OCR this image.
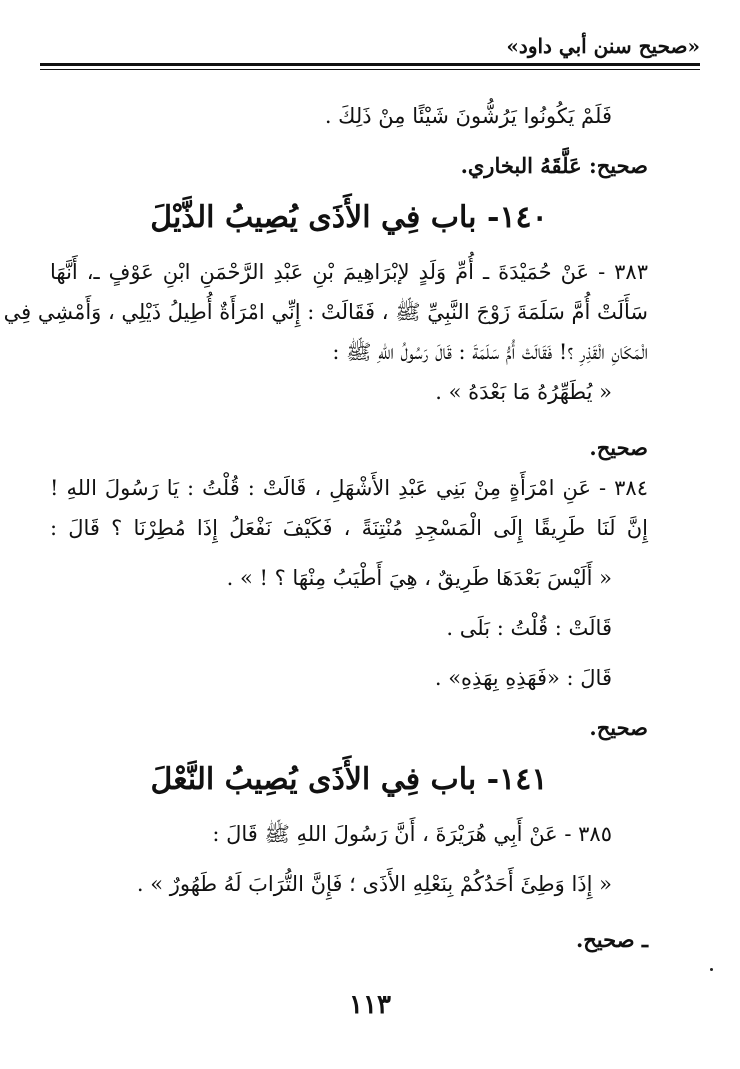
«صحيح سنن أبي داود»

فَلَمْ يَكُونُوا يَرُشُّونَ شَيْئًا مِنْ ذَلِكَ .

صحيح: عَلَّقَهُ البخاري.

١٤٠- باب فِي الأَذَى يُصِيبُ الذَّيْلَ

٣٨٣ - عَنْ حُمَيْدَةَ ـ أُمِّ وَلَدٍ لإبْرَاهِيمَ بْنِ عَبْدِ الرَّحْمَنِ ابْنِ عَوْفٍ ـ، أَنَّهَا

سَأَلَتْ أُمَّ سَلَمَةَ زَوْجَ النَّبِيِّ ﷺ ، فَقَالَتْ : إِنِّي امْرَأَةٌ أُطِيلُ ذَيْلِي ، وَأَمْشِي فِي

الْمَكَانِ الْقَذِرِ ؟! فَقَالَتْ أُمُّ سَلَمَةَ : قَالَ رَسُولُ اللهِ ﷺ :

« يُطَهِّرُهُ مَا بَعْدَهُ » .

صحيح.

٣٨٤ - عَنِ امْرَأَةٍ مِنْ بَنِي عَبْدِ الأَشْهَلِ ، قَالَتْ : قُلْتُ : يَا رَسُولَ اللهِ !

إِنَّ لَنَا طَرِيقًا إِلَى الْمَسْجِدِ مُنْتِنَةً ، فَكَيْفَ نَفْعَلُ إِذَا مُطِرْنَا ؟ قَالَ :

« أَلَيْسَ بَعْدَهَا طَرِيقٌ ، هِيَ أَطْيَبُ مِنْهَا ؟ ! » .

قَالَتْ : قُلْتُ : بَلَى .

قَالَ : «فَهَذِهِ بِهَذِهِ» .

صحيح.

١٤١- باب فِي الأَذَى يُصِيبُ النَّعْلَ

٣٨٥ - عَنْ أَبِي هُرَيْرَةَ ، أَنَّ رَسُولَ اللهِ ﷺ قَالَ :

« إِذَا وَطِئَ أَحَدُكُمْ بِنَعْلِهِ الأَذَى ؛ فَإِنَّ التُّرَابَ لَهُ طَهُورٌ » .

ـ صحيح.

١١٣
